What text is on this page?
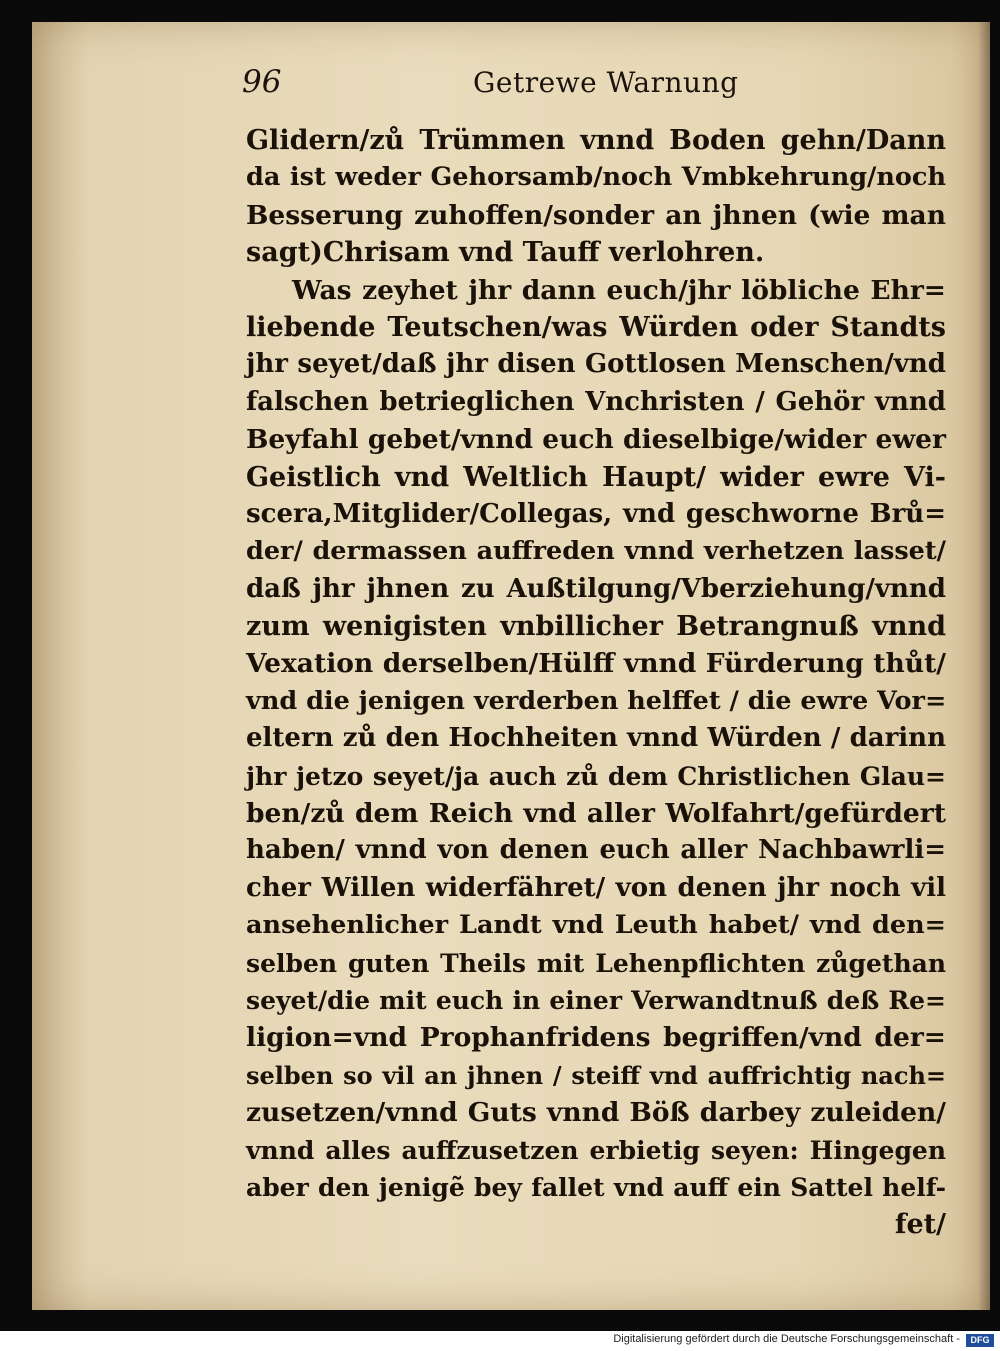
96	Getrewe Warnung
Glidern/zů Trümmen vnnd Boden gehn/Dann
da ist weder Gehorsamb/noch Vmbkehrung/noch
Besserung zuhoffen/sonder an jhnen (wie man
sagt)Chrisam vnd Tauff verlohren.
Was zeyhet jhr dann euch/jhr löbliche Ehr=
liebende Teutschen/was Würden oder Standts
jhr seyet/daß jhr disen Gottlosen Menschen/vnd
falschen betrieglichen Vnchristen / Gehör vnnd
Beyfahl gebet/vnnd euch dieselbige/wider ewer
Geistlich vnd Weltlich Haupt/ wider ewre Vi-
scera,Mitglider/Collegas, vnd geschworne Brů=
der/ dermassen auffreden vnnd verhetzen lasset/
daß jhr jhnen zu Außtilgung/Vberziehung/vnnd
zum wenigisten vnbillicher Betrangnuß vnnd
Vexation derselben/Hülff vnnd Fürderung thůt/
vnd die jenigen verderben helffet / die ewre Vor=
eltern zů den Hochheiten vnnd Würden / darinn
jhr jetzo seyet/ja auch zů dem Christlichen Glau=
ben/zů dem Reich vnd aller Wolfahrt/gefürdert
haben/ vnnd von denen euch aller Nachbawrli=
cher Willen widerfähret/ von denen jhr noch vil
ansehenlicher Landt vnd Leuth habet/ vnd den=
selben guten Theils mit Lehenpflichten zůgethan
seyet/die mit euch in einer Verwandtnuß deß Re=
ligion=vnd Prophanfridens begriffen/vnd der=
selben so vil an jhnen / steiff vnd auffrichtig nach=
zusetzen/vnnd Guts vnnd Böß darbey zuleiden/
vnnd alles auffzusetzen erbietig seyen: Hingegen
aber den jenigẽ bey fallet vnd auff ein Sattel helf-
fet/
Digitalisierung gefördert durch die Deutsche Forschungsgemeinschaft -	DFG
